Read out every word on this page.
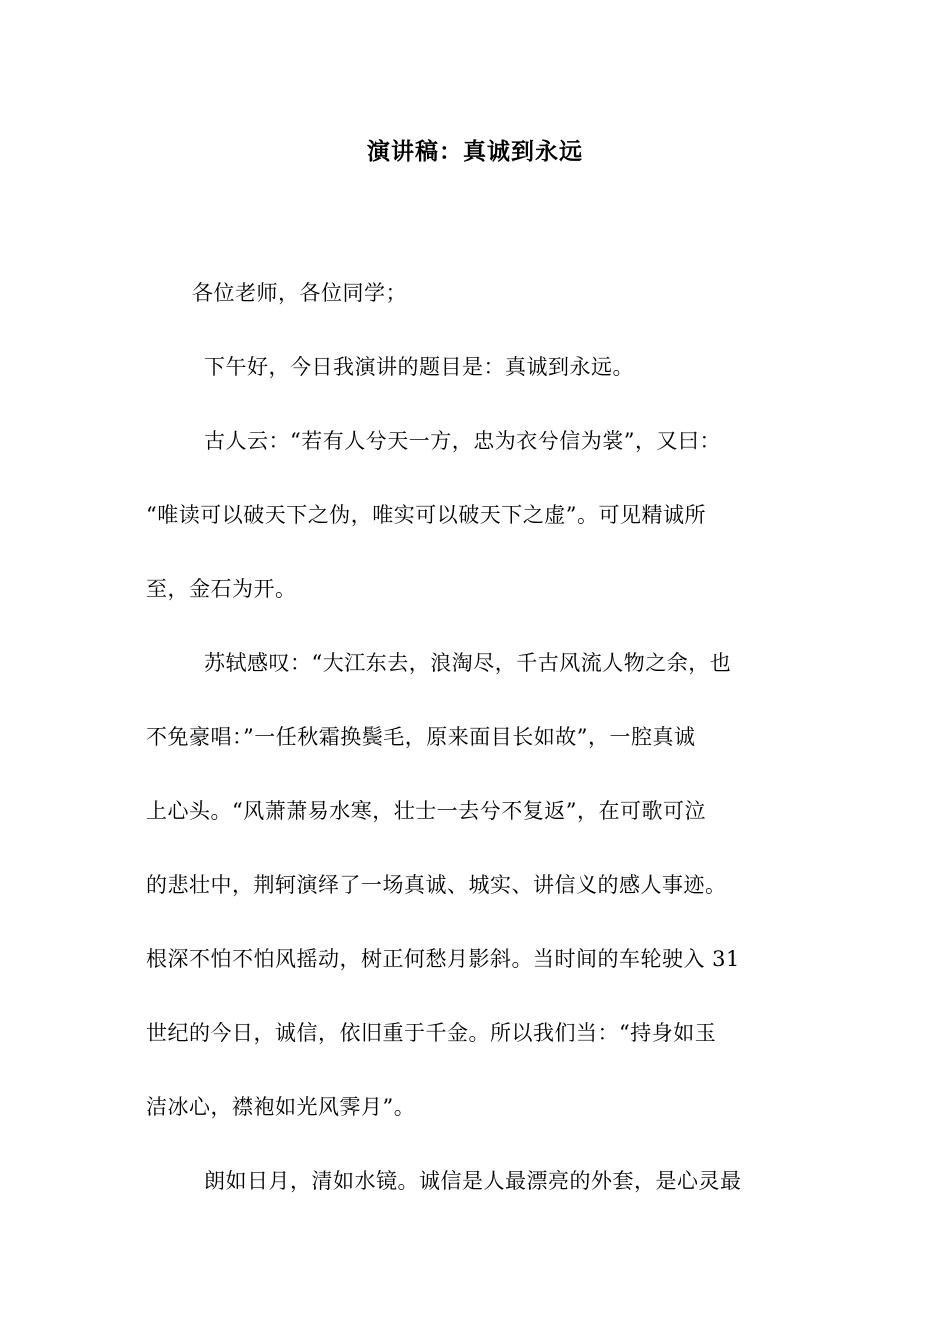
演讲稿：真诚到永远
各位老师，各位同学；
下午好，今日我演讲的题目是：真诚到永远。
古人云：“若有人兮天一方，忠为衣兮信为裳”，又曰：
“唯读可以破天下之伪，唯实可以破天下之虚”。可见精诚所
至，金石为开。
苏轼感叹：“大江东去，浪淘尽，千古风流人物之余，也
不免豪唱：”一任秋霜换鬓毛，原来面目长如故”，一腔真诚
上心头。“风萧萧易水寒，壮士一去兮不复返”，在可歌可泣
的悲壮中，荆轲演绎了一场真诚、城实、讲信义的感人事迹。
根深不怕不怕风摇动，树正何愁月影斜。当时间的车轮驶入 31
世纪的今日，诚信，依旧重于千金。所以我们当：“持身如玉
洁冰心，襟袍如光风霁月”。
朗如日月，清如水镜。诚信是人最漂亮的外套，是心灵最
